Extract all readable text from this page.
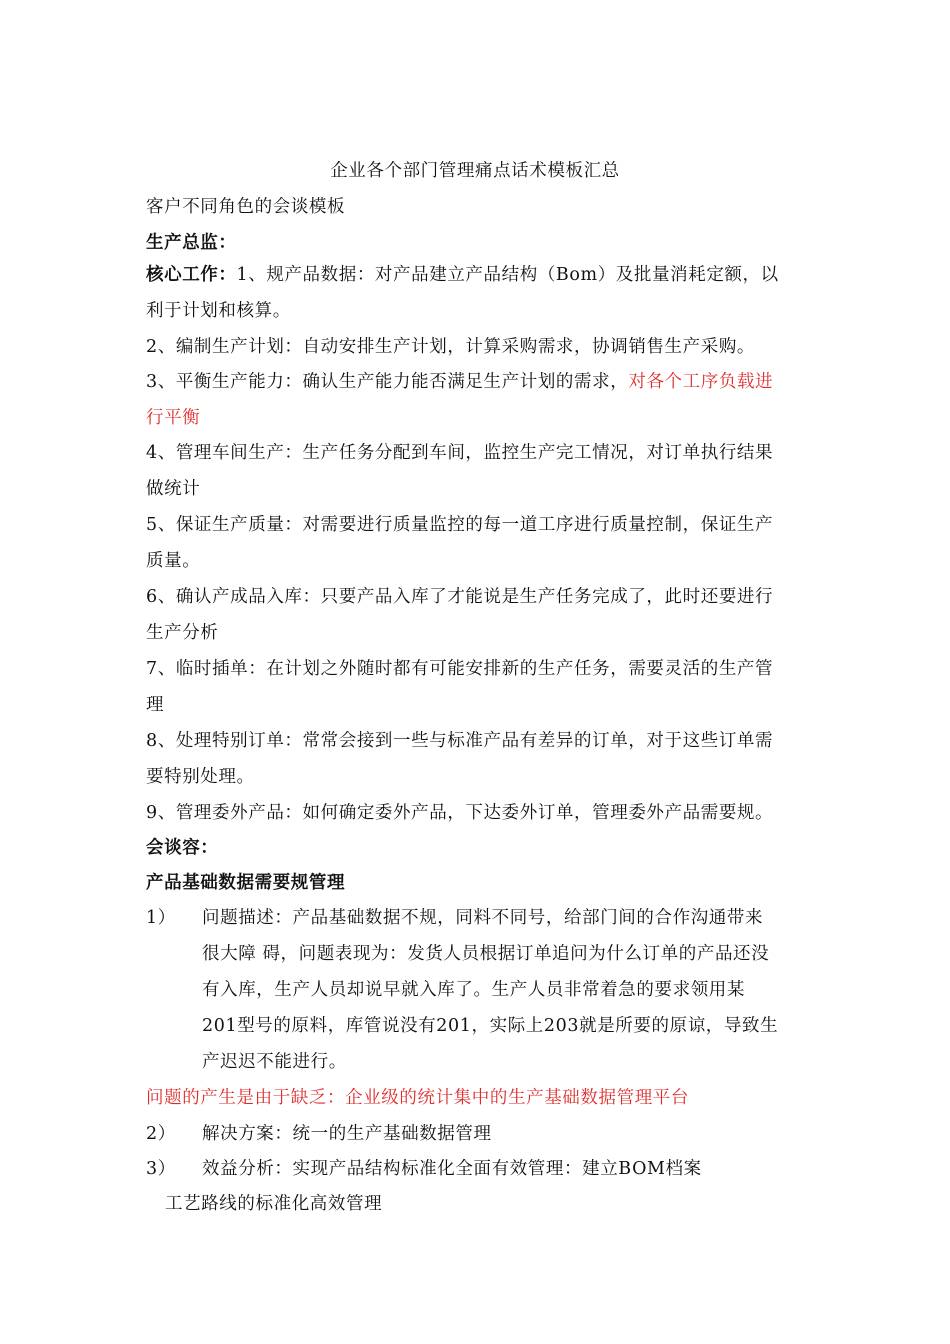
企业各个部门管理痛点话术模板汇总
客户不同角色的会谈模板
生产总监：
核心工作：1、规产品数据：对产品建立产品结构（Bom）及批量消耗定额，以
利于计划和核算。
2、编制生产计划：自动安排生产计划，计算采购需求，协调销售生产采购。
3、平衡生产能力：确认生产能力能否满足生产计划的需求，对各个工序负载进
行平衡
4、管理车间生产：生产任务分配到车间，监控生产完工情况，对订单执行结果
做统计
5、保证生产质量：对需要进行质量监控的每一道工序进行质量控制，保证生产
质量。
6、确认产成品入库：只要产品入库了才能说是生产任务完成了，此时还要进行
生产分析
7、临时插单：在计划之外随时都有可能安排新的生产任务，需要灵活的生产管
理
8、处理特别订单：常常会接到一些与标准产品有差异的订单，对于这些订单需
要特别处理。
9、管理委外产品：如何确定委外产品，下达委外订单，管理委外产品需要规。
会谈容：
产品基础数据需要规管理
1） 问题描述：产品基础数据不规，同料不同号，给部门间的合作沟通带来
很大障 碍，问题表现为：发货人员根据订单追问为什么订单的产品还没
有入库，生产人员却说早就入库了。生产人员非常着急的要求领用某
201型号的原料，库管说没有201，实际上203就是所要的原谅，导致生
产迟迟不能进行。
问题的产生是由于缺乏：企业级的统计集中的生产基础数据管理平台
2） 解决方案：统一的生产基础数据管理
3） 效益分析：实现产品结构标准化全面有效管理：建立BOM档案
工艺路线的标准化高效管理
